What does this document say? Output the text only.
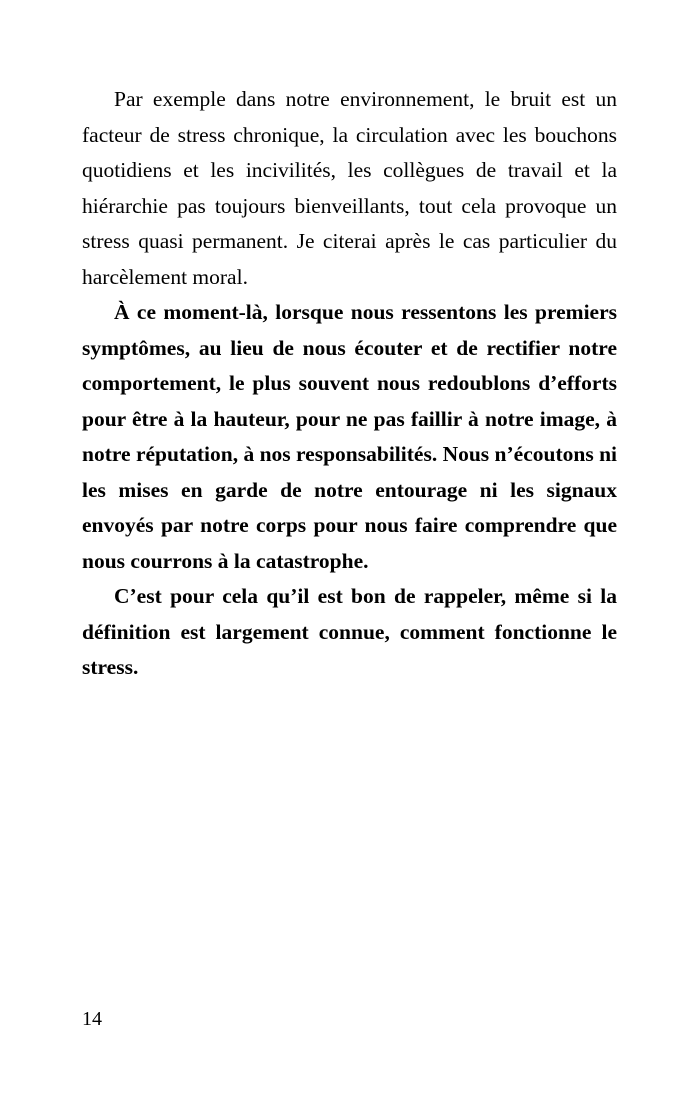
Par exemple dans notre environnement, le bruit est un facteur de stress chronique, la circulation avec les bouchons quotidiens et les incivilités, les collègues de travail et la hiérarchie pas toujours bienveillants, tout cela provoque un stress quasi permanent. Je citerai après le cas particulier du harcèlement moral.

À ce moment-là, lorsque nous ressentons les premiers symptômes, au lieu de nous écouter et de rectifier notre comportement, le plus souvent nous redoublons d’efforts pour être à la hauteur, pour ne pas faillir à notre image, à notre réputation, à nos responsabilités. Nous n’écoutons ni les mises en garde de notre entourage ni les signaux envoyés par notre corps pour nous faire comprendre que nous courrons à la catastrophe.

C’est pour cela qu’il est bon de rappeler, même si la définition est largement connue, comment fonctionne le stress.

14
